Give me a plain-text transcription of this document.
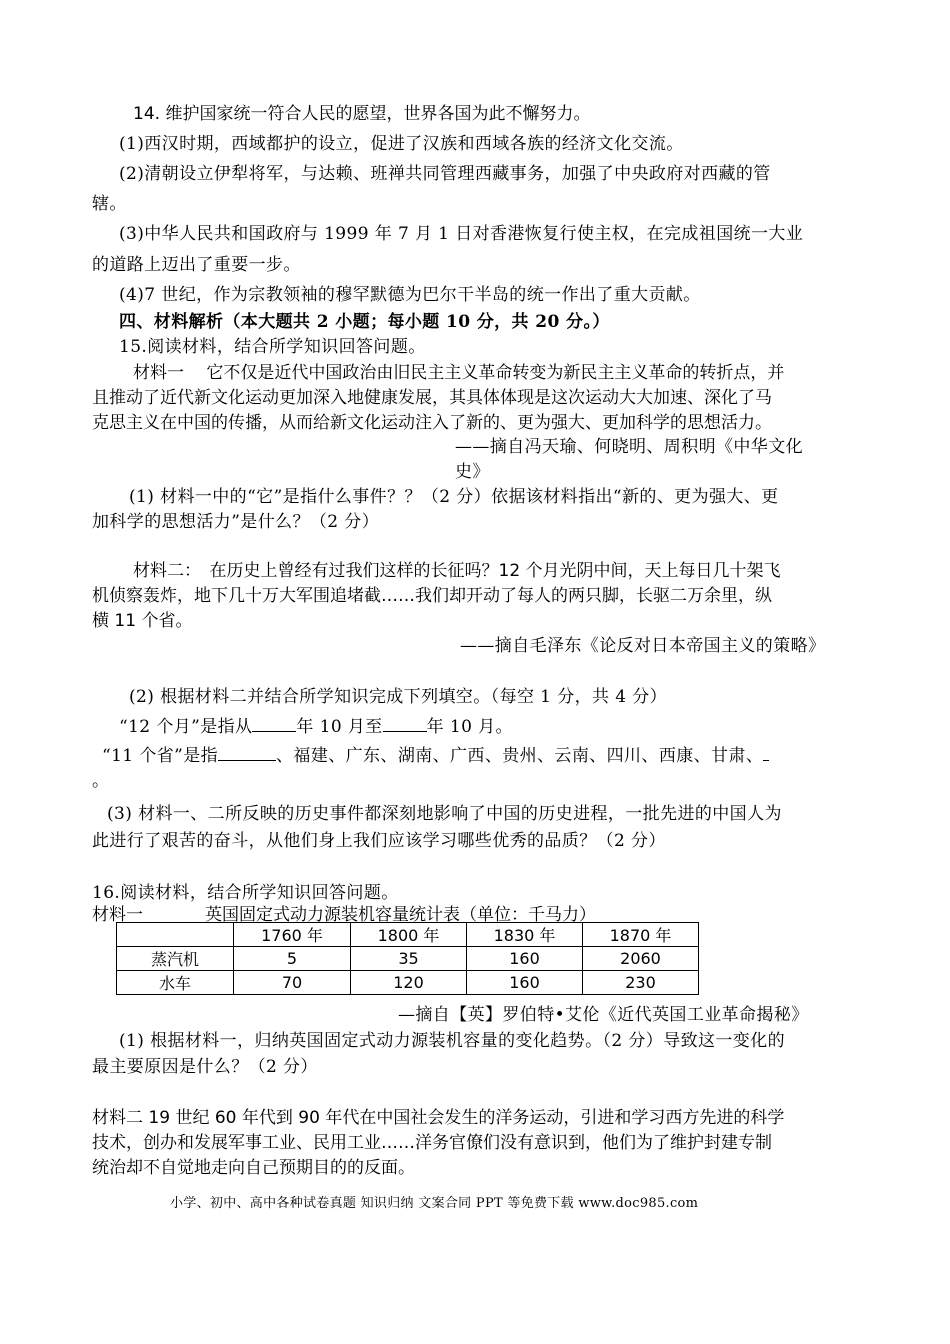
14. 维护国家统一符合人民的愿望，世界各国为此不懈努力。
(1)西汉时期，西域都护的设立，促进了汉族和西域各族的经济文化交流。
(2)清朝设立伊犁将军，与达赖、班禅共同管理西藏事务，加强了中央政府对西藏的管
辖。
(3)中华人民共和国政府与 1999 年 7 月 1 日对香港恢复行使主权，在完成祖国统一大业
的道路上迈出了重要一步。
(4)7 世纪，作为宗教领袖的穆罕默德为巴尔干半岛的统一作出了重大贡献。
四、材料解析（本大题共 2 小题；每小题 10 分，共 20 分。）
15.阅读材料，结合所学知识回答问题。
材料一　 它不仅是近代中国政治由旧民主主义革命转变为新民主主义革命的转折点，并
且推动了近代新文化运动更加深入地健康发展，其具体体现是这次运动大大加速、深化了马
克思主义在中国的传播，从而给新文化运动注入了新的、更为强大、更加科学的思想活力。
——摘自冯天瑜、何晓明、周积明《中华文化
史》
(1) 材料一中的“它”是指什么事件？？（2 分）依据该材料指出“新的、更为强大、更
加科学的思想活力”是什么？（2 分）
材料二：　在历史上曾经有过我们这样的长征吗？12 个月光阴中间，天上每日几十架飞
机侦察轰炸，地下几十万大军围追堵截……我们却开动了每人的两只脚，长驱二万余里，纵
横 11 个省。
——摘自毛泽东《论反对日本帝国主义的策略》
(2) 根据材料二并结合所学知识完成下列填空。（每空 1 分，共 4 分）
“12 个月”是指从	年 10 月至	年 10 月。
“11 个省”是指	、福建、广东、湖南、广西、贵州、云南、四川、西康、甘肃、
。
(3) 材料一、二所反映的历史事件都深刻地影响了中国的历史进程，一批先进的中国人为
此进行了艰苦的奋斗，从他们身上我们应该学习哪些优秀的品质？（2 分）
16.阅读材料，结合所学知识回答问题。
材料一	英国固定式动力源装机容量统计表（单位：千马力）
	1760 年	1800 年	1830 年	1870 年
蒸汽机	5	35	160	2060
水车	70	120	160	230
—摘自【英】罗伯特•艾伦《近代英国工业革命揭秘》
(1) 根据材料一，归纳英国固定式动力源装机容量的变化趋势。（2 分）导致这一变化的
最主要原因是什么？（2 分）
材料二 19 世纪 60 年代到 90 年代在中国社会发生的洋务运动，引进和学习西方先进的科学
技术，创办和发展军事工业、民用工业……洋务官僚们没有意识到，他们为了维护封建专制
统治却不自觉地走向自己预期目的的反面。
小学、初中、高中各种试卷真题 知识归纳 文案合同 PPT 等免费下载 www.doc985.com
